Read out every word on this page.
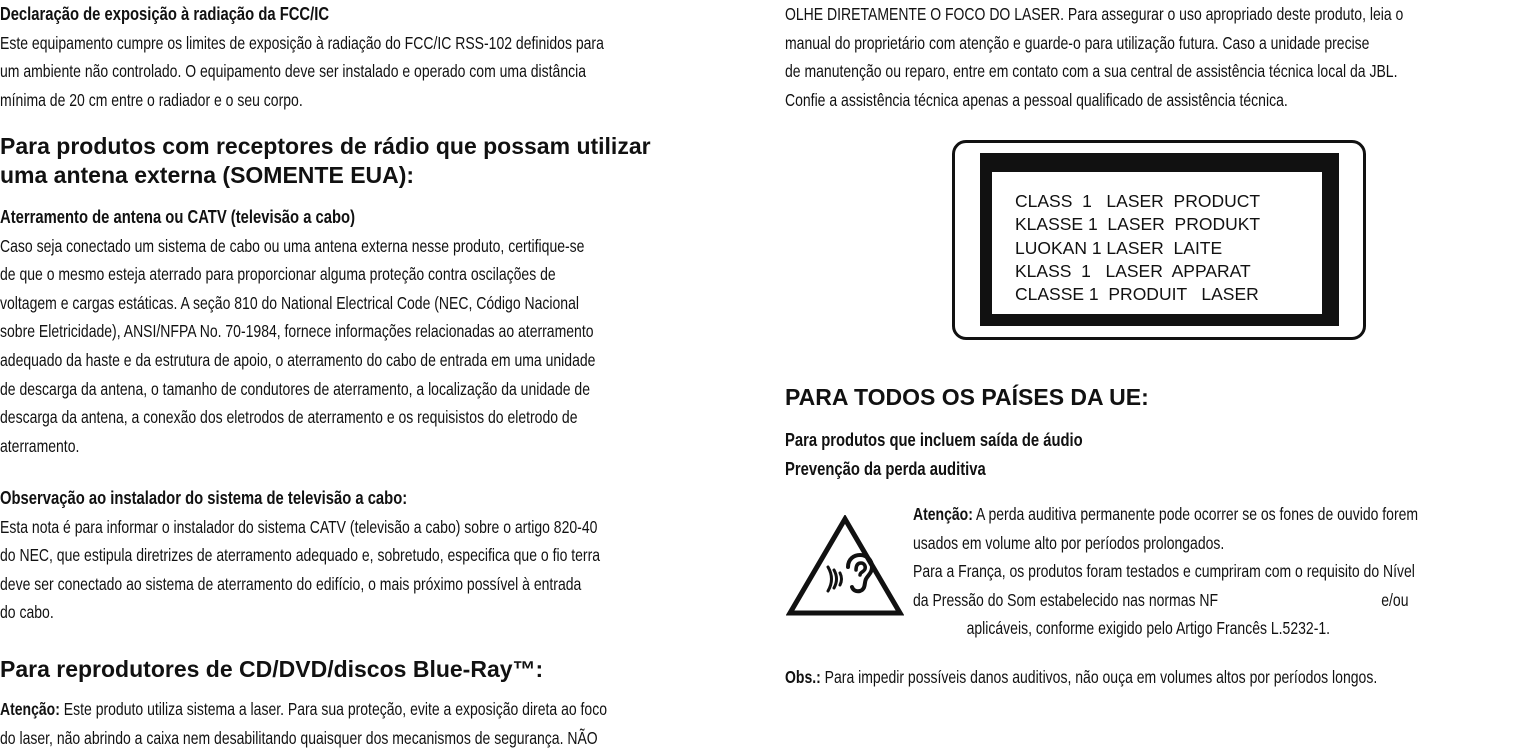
Declaração de exposição à radiação da FCC/IC

Este equipamento cumpre os limites de exposição à radiação do FCC/IC RSS-102 definidos para

um ambiente não controlado. O equipamento deve ser instalado e operado com uma distância

mínima de 20 cm entre o radiador e o seu corpo.

Para produtos com receptores de rádio que possam utilizar
uma antena externa (SOMENTE EUA):

Aterramento de antena ou CATV (televisão a cabo)

Caso seja conectado um sistema de cabo ou uma antena externa nesse produto, certifique-se

de que o mesmo esteja aterrado para proporcionar alguma proteção contra oscilações de

voltagem e cargas estáticas. A seção 810 do National Electrical Code (NEC, Código Nacional

sobre Eletricidade), ANSI/NFPA No. 70-1984, fornece informações relacionadas ao aterramento

adequado da haste e da estrutura de apoio, o aterramento do cabo de entrada em uma unidade

de descarga da antena, o tamanho de condutores de aterramento, a localização da unidade de

descarga da antena, a conexão dos eletrodos de aterramento e os requisistos do eletrodo de

aterramento.

Observação ao instalador do sistema de televisão a cabo:

Esta nota é para informar o instalador do sistema CATV (televisão a cabo) sobre o artigo 820-40

do NEC, que estipula diretrizes de aterramento adequado e, sobretudo, especifica que o fio terra

deve ser conectado ao sistema de aterramento do edifício, o mais próximo possível à entrada

do cabo.

Para reprodutores de CD/DVD/discos Blue-Ray™:

Atenção: Este produto utiliza sistema a laser. Para sua proteção, evite a exposição direta ao foco

do laser, não abrindo a caixa nem desabilitando quaisquer dos mecanismos de segurança. NÃO

OLHE DIRETAMENTE O FOCO DO LASER. Para assegurar o uso apropriado deste produto, leia o

manual do proprietário com atenção e guarde-o para utilização futura. Caso a unidade precise

de manutenção ou reparo, entre em contato com a sua central de assistência técnica local da JBL.

Confie a assistência técnica apenas a pessoal qualificado de assistência técnica.

CLASS  1   LASER  PRODUCT
KLASSE 1  LASER  PRODUKT
LUOKAN 1 LASER  LAITE
KLASS  1   LASER  APPARAT
CLASSE 1  PRODUIT   LASER
PARA TODOS OS PAÍSES DA UE:

Para produtos que incluem saída de áudio

Prevenção da perda auditiva

Atenção: A perda auditiva permanente pode ocorrer se os fones de ouvido forem

usados em volume alto por períodos prolongados.

Para a França, os produtos foram testados e cumpriram com o requisito do Nível

da Pressão do Som estabelecido nas normas NF	e/ou

aplicáveis, conforme exigido pelo Artigo Francês L.5232-1.

Obs.: Para impedir possíveis danos auditivos, não ouça em volumes altos por períodos longos.
